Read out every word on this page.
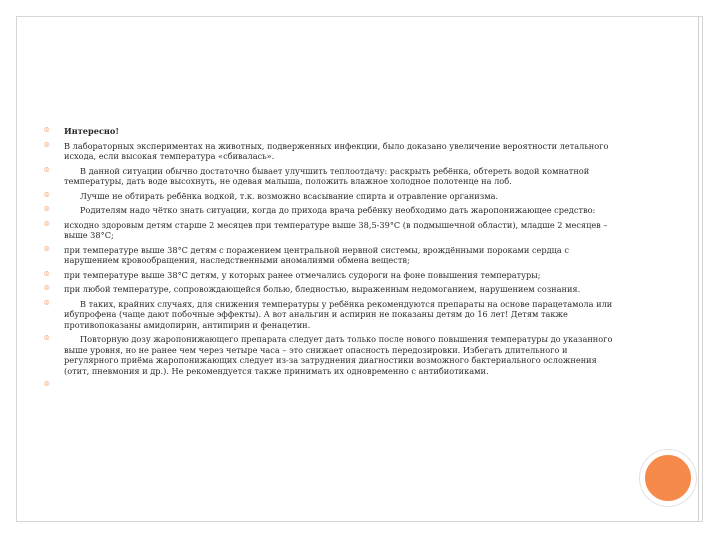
⌾	Интересно!
⌾	В лабораторных экспериментах на животных, подверженных инфекции, было доказано увеличение вероятности летального исхода, если высокая температура «сбивалась».
⌾	В данной ситуации обычно достаточно бывает улучшить теплоотдачу: раскрыть ребёнка, обтереть водой комнатной температуры, дать воде высохнуть, не одевая малыша, положить влажное холодное полотенце на лоб.
⌾	Лучше не обтирать ребёнка водкой, т.к. возможно всасывание спирта и отравление организма.
⌾	Родителям надо чётко знать ситуации, когда до прихода врача ребёнку необходимо дать жаропонижающее средство:
⌾	исходно здоровым детям старше 2 месяцев при температуре выше 38,5-39°С (в подмышечной области), младше 2 месяцев – выше 38°С;
⌾	при температуре выше 38°С детям с поражением центральной нервной системы, врождёнными пороками сердца с нарушением кровообращения, наследственными аномалиями обмена веществ;
⌾	при температуре выше 38°С детям, у которых ранее отмечались судороги на фоне повышения температуры;
⌾	при любой температуре, сопровождающейся болью, бледностью, выраженным недомоганием, нарушением сознания.
⌾	В таких, крайних случаях, для снижения температуры у ребёнка рекомендуются препараты на основе парацетамола или ибупрофена (чаще дают побочные эффекты). А вот анальгин и аспирин не показаны детям до 16 лет! Детям также противопоказаны амидопирин, антипирин и фенацетин.
⌾	Повторную дозу жаропонижающего препарата следует дать только после нового повышения температуры до указанного выше уровня, но не ранее чем через четыре часа – это снижает опасность передозировки. Избегать длительного и регулярного приёма жаропонижающих следует из-за затруднения диагностики возможного бактериального осложнения (отит, пневмония и др.). Не рекомендуется также принимать их одновременно с антибиотиками.
⌾
